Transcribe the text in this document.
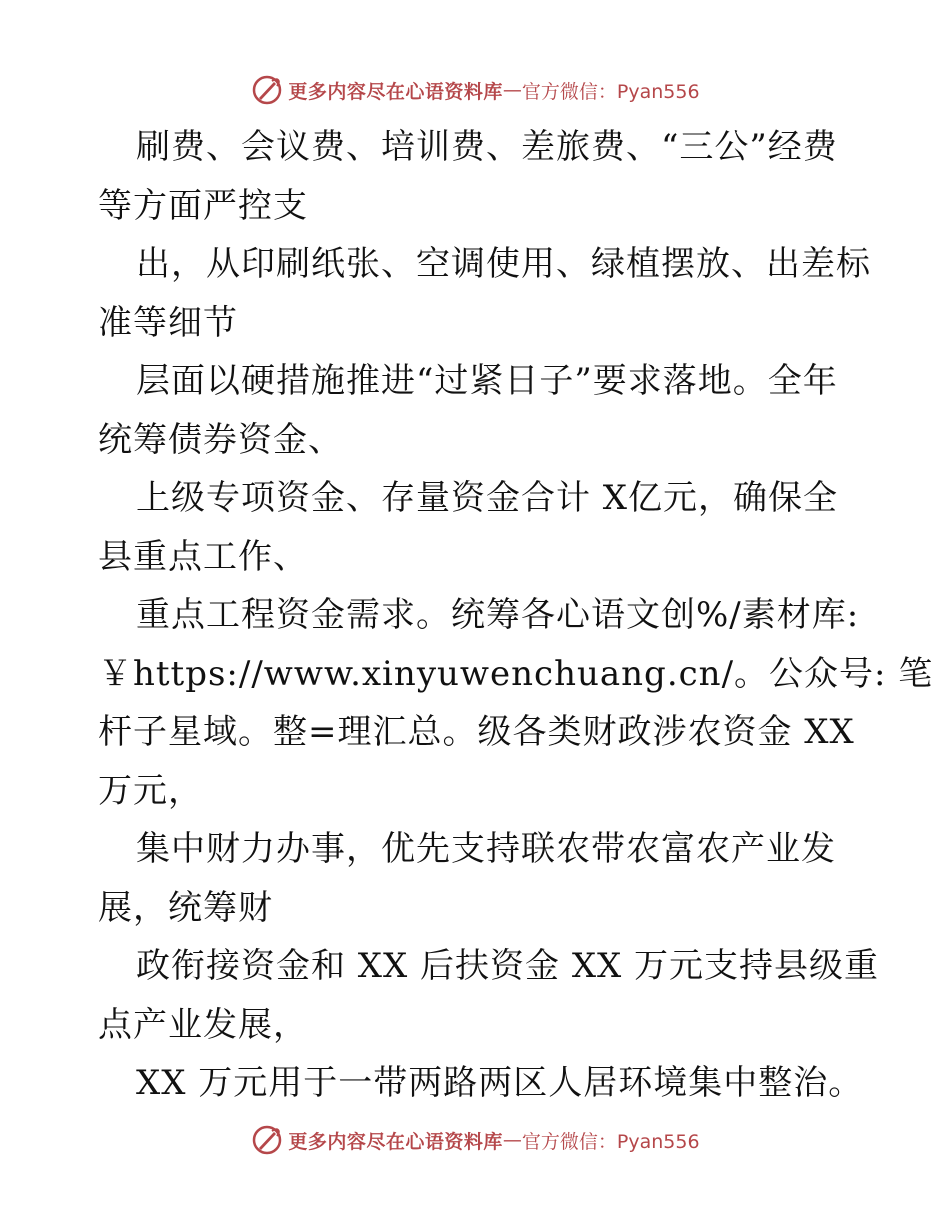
更多内容尽在心语资料库 — 官方微信：Pyan556
刷费、会议费、培训费、差旅费、“三公”经费
等方面严控支
出，从印刷纸张、空调使用、绿植摆放、出差标
准等细节
层面以硬措施推进“过紧日子”要求落地。全年
统筹债券资金、
上级专项资金、存量资金合计 X亿元，确保全
县重点工作、
重点工程资金需求。统筹各心语文创%/素材库:
￥https://www.xinyuwenchuang.cn/。公众号: 笔
杆子星域。整=理汇总。级各类财政涉农资金 XX
万元，
集中财力办事，优先支持联农带农富农产业发
展，统筹财
政衔接资金和 XX 后扶资金 XX 万元支持县级重
点产业发展，
XX 万元用于一带两路两区人居环境集中整治。
更多内容尽在心语资料库 — 官方微信：Pyan556
